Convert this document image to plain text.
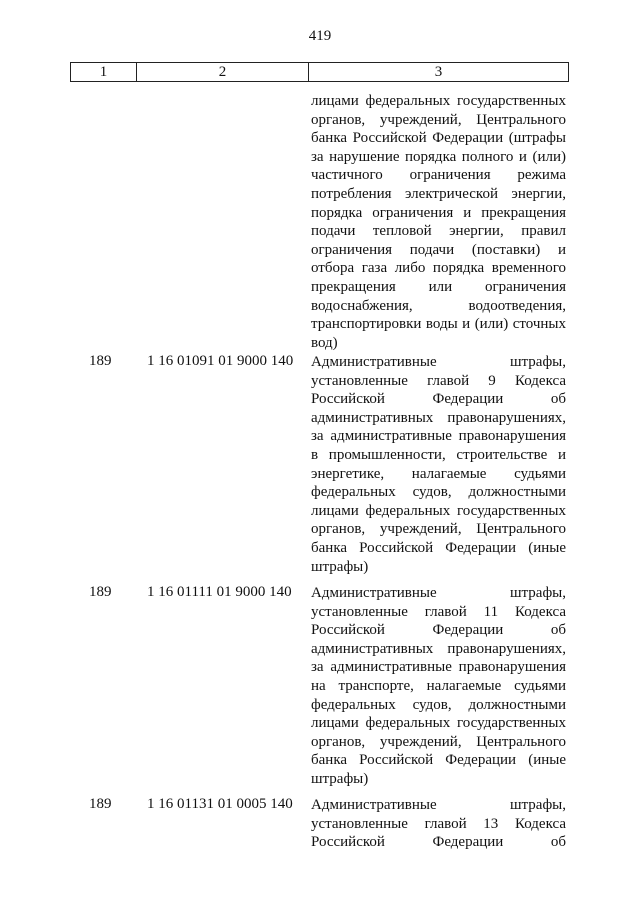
419
1	2	3
лицами федеральных государственных
органов, учреждений, Центрального
банка Российской Федерации (штрафы
за нарушение порядка полного и (или)
частичного ограничения режима
потребления электрической энергии,
порядка ограничения и прекращения
подачи тепловой энергии, правил
ограничения подачи (поставки) и
отбора газа либо порядка временного
прекращения или ограничения
водоснабжения, водоотведения,
транспортировки воды и (или) сточных
вод)
189 1 16 01091 01 9000 140 Административные штрафы,
установленные главой 9 Кодекса
Российской Федерации об
административных правонарушениях,
за административные правонарушения
в промышленности, строительстве и
энергетике, налагаемые судьями
федеральных судов, должностными
лицами федеральных государственных
органов, учреждений, Центрального
банка Российской Федерации (иные
штрафы)
189 1 16 01111 01 9000 140 Административные штрафы,
установленные главой 11 Кодекса
Российской Федерации об
административных правонарушениях,
за административные правонарушения
на транспорте, налагаемые судьями
федеральных судов, должностными
лицами федеральных государственных
органов, учреждений, Центрального
банка Российской Федерации (иные
штрафы)
189 1 16 01131 01 0005 140 Административные штрафы,
установленные главой 13 Кодекса
Российской Федерации об
